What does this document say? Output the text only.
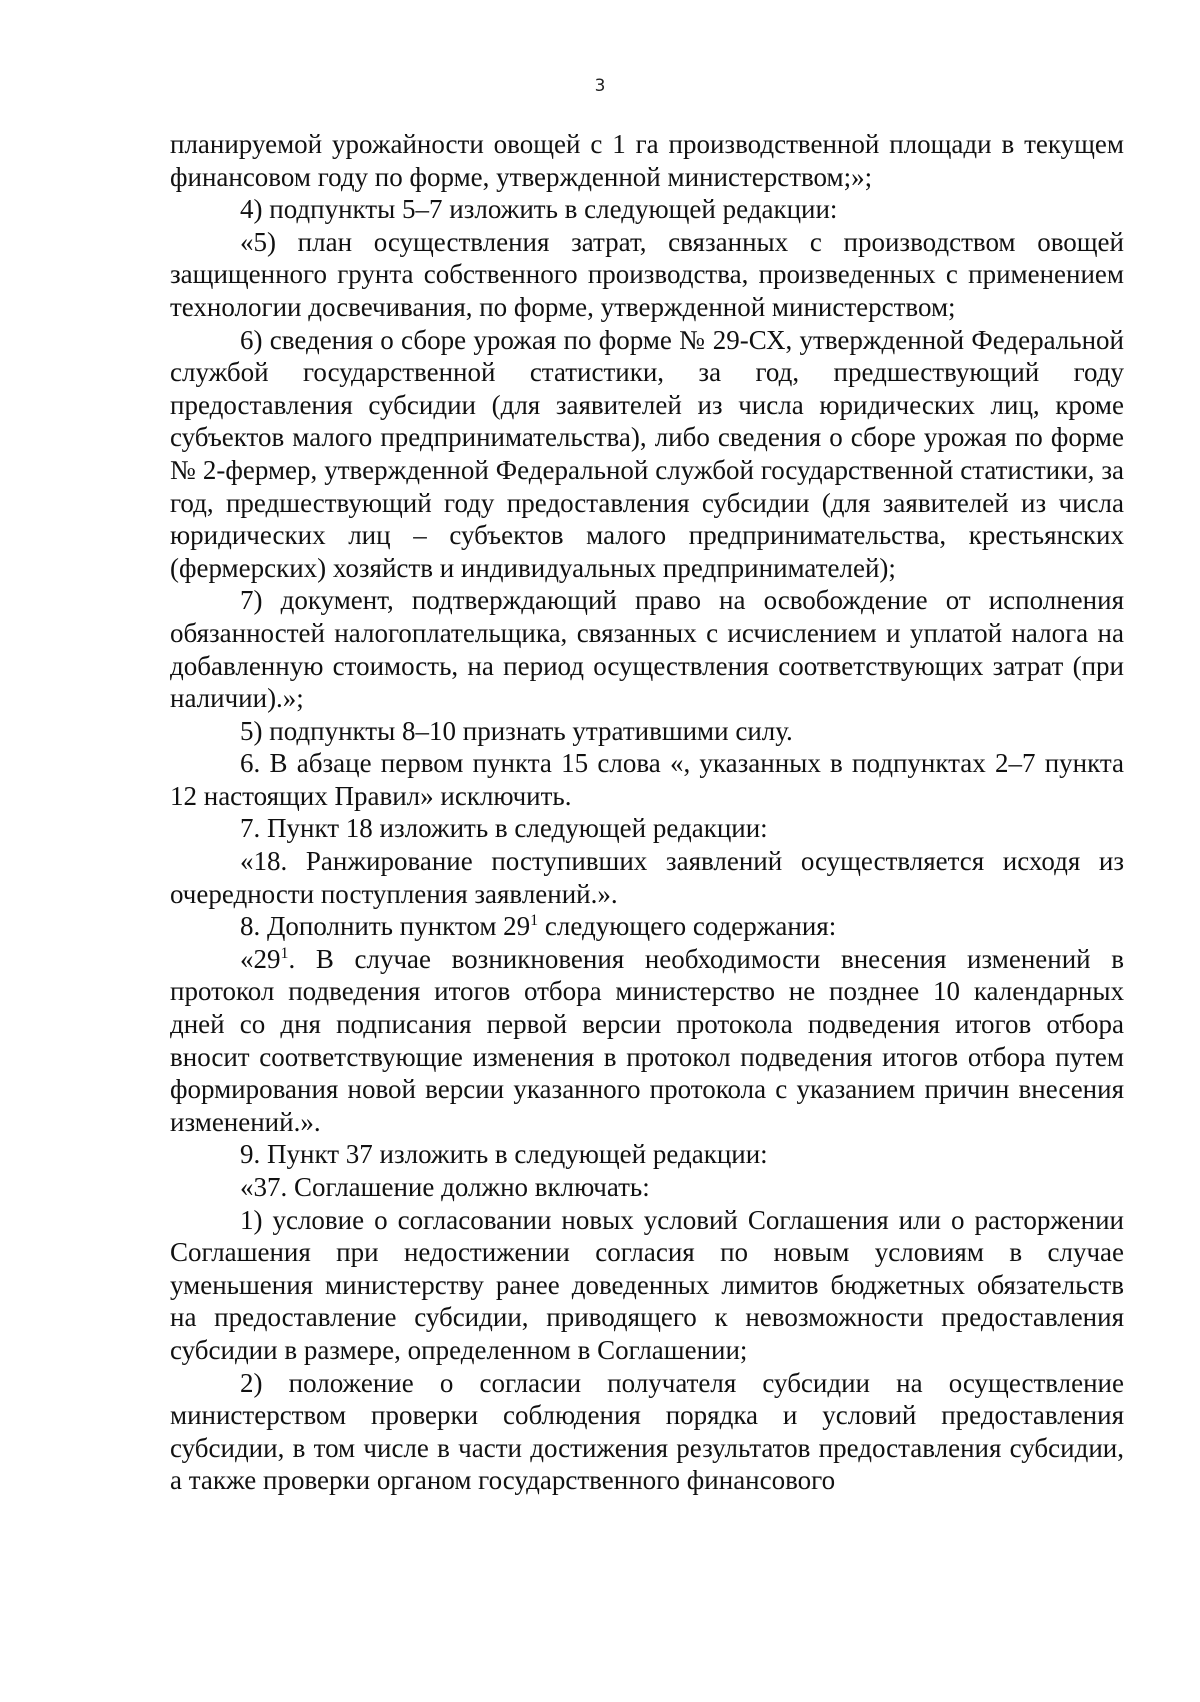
3

планируемой урожайности овощей с 1 га производственной площади в текущем финансовом году по форме, утвержденной министерством;»;

4) подпункты 5–7 изложить в следующей редакции:

«5) план осуществления затрат, связанных с производством овощей защищенного грунта собственного производства, произведенных с применением технологии досвечивания, по форме, утвержденной министерством;

6) сведения о сборе урожая по форме № 29-СХ, утвержденной Федеральной службой государственной статистики, за год, предшествующий году предоставления субсидии (для заявителей из числа юридических лиц, кроме субъектов малого предпринимательства), либо сведения о сборе урожая по форме № 2-фермер, утвержденной Федеральной службой государственной статистики, за год, предшествующий году предоставления субсидии (для заявителей из числа юридических лиц – субъектов малого предпринимательства, крестьянских (фермерских) хозяйств и индивидуальных предпринимателей);

7) документ, подтверждающий право на освобождение от исполнения обязанностей налогоплательщика, связанных с исчислением и уплатой налога на добавленную стоимость, на период осуществления соответствующих затрат (при наличии).»;

5) подпункты 8–10 признать утратившими силу.

6. В абзаце первом пункта 15 слова «, указанных в подпунктах 2–7 пункта 12 настоящих Правил» исключить.

7. Пункт 18 изложить в следующей редакции:

«18. Ранжирование поступивших заявлений осуществляется исходя из очередности поступления заявлений.».

8. Дополнить пунктом $29^1$ следующего содержания:

«$29^1$. В случае возникновения необходимости внесения изменений в протокол подведения итогов отбора министерство не позднее 10 календарных дней со дня подписания первой версии протокола подведения итогов отбора вносит соответствующие изменения в протокол подведения итогов отбора путем формирования новой версии указанного протокола с указанием причин внесения изменений.».

9. Пункт 37 изложить в следующей редакции:

«37. Соглашение должно включать:

1) условие о согласовании новых условий Соглашения или о расторжении Соглашения при недостижении согласия по новым условиям в случае уменьшения министерству ранее доведенных лимитов бюджетных обязательств на предоставление субсидии, приводящего к невозможности предоставления субсидии в размере, определенном в Соглашении;

2) положение о согласии получателя субсидии на осуществление министерством проверки соблюдения порядка и условий предоставления субсидии, в том числе в части достижения результатов предоставления субсидии, а также проверки органом государственного финансового
